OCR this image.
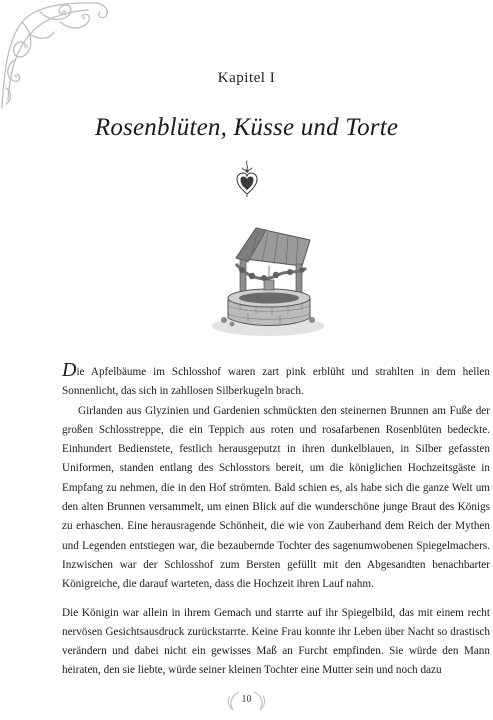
Kapitel I
Rosenblüten, Küsse und Torte

Die Apfelbäume im Schlosshof waren zart pink erblüht und strahlten in dem hellen Sonnenlicht, das sich in zahllosen Silberkugeln brach.

Girlanden aus Glyzinien und Gardenien schmückten den steinernen Brunnen am Fuße der großen Schlosstreppe, die ein Teppich aus roten und rosafarbenen Rosenblüten bedeckte. Einhundert Bedienstete, festlich herausgeputzt in ihren dunkelblauen, in Silber gefassten Uniformen, standen entlang des Schlosstors bereit, um die königlichen Hochzeitsgäste in Empfang zu nehmen, die in den Hof strömten. Bald schien es, als habe sich die ganze Welt um den alten Brunnen versammelt, um einen Blick auf die wunderschöne junge Braut des Königs zu erhaschen. Eine herausragende Schönheit, die wie von Zauberhand dem Reich der Mythen und Legenden entstiegen war, die bezaubernde Tochter des sagenumwobenen Spiegelmachers. Inzwischen war der Schlosshof zum Bersten gefüllt mit den Abgesandten benachbarter Königreiche, die darauf warteten, dass die Hochzeit ihren Lauf nahm.

Die Königin war allein in ihrem Gemach und starrte auf ihr Spiegelbild, das mit einem recht nervösen Gesichtsausdruck zurückstarrte. Keine Frau konnte ihr Leben über Nacht so drastisch verändern und dabei nicht ein gewisses Maß an Furcht empfinden. Sie würde den Mann heiraten, den sie liebte, würde seiner kleinen Tochter eine Mutter sein und noch dazu

10
